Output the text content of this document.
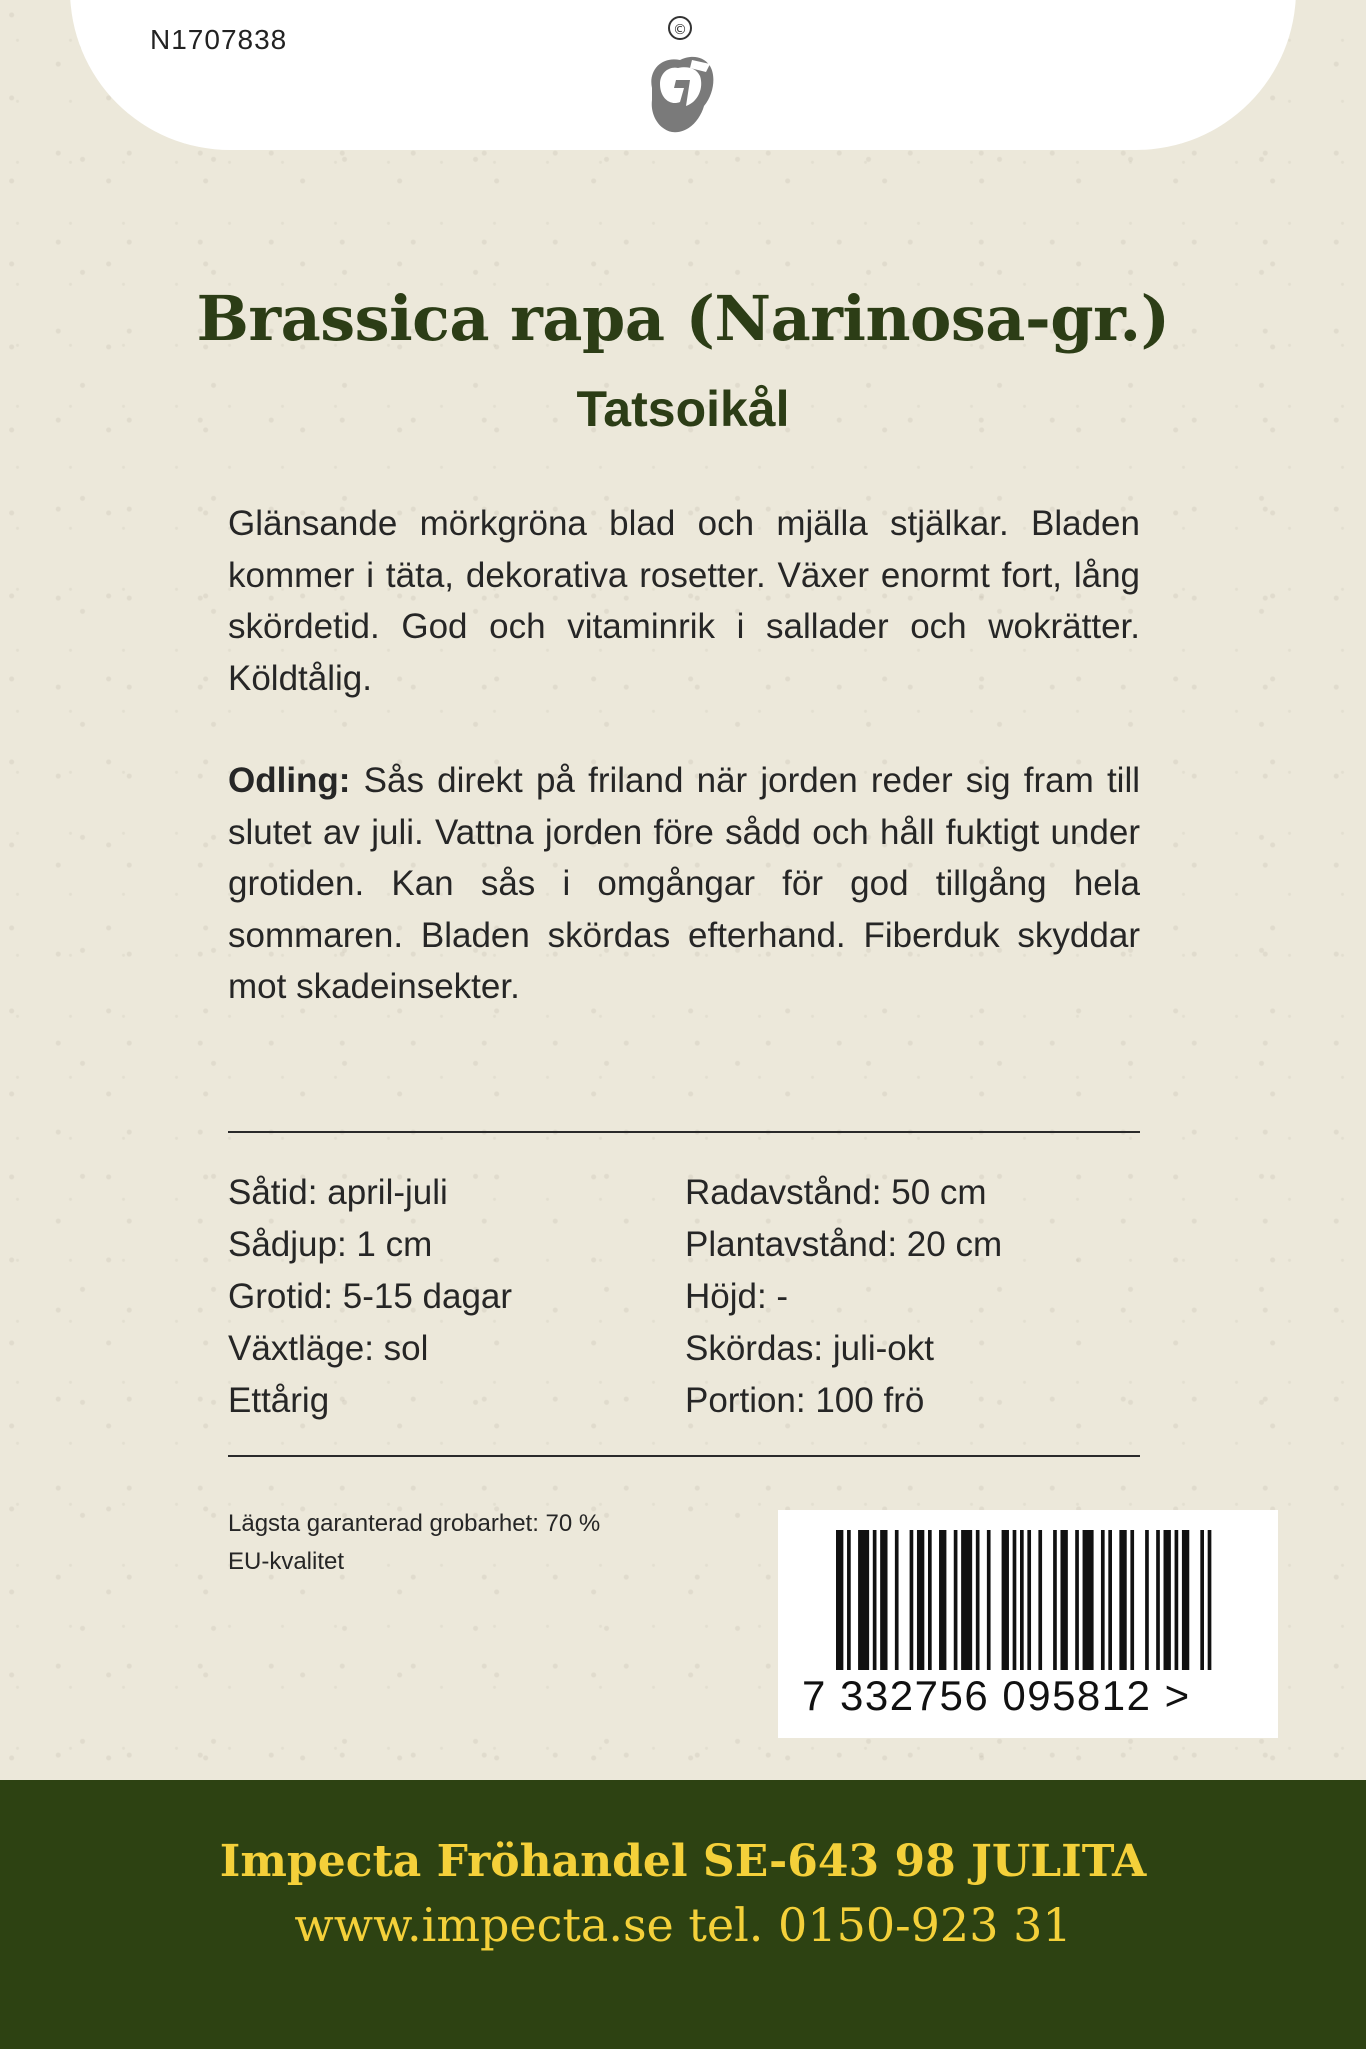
N1707838	©
Brassica rapa (Narinosa-gr.)
Tatsoikål
Glänsande mörkgröna blad och mjälla stjälkar. Bladen kommer i täta, dekorativa rosetter. Växer enormt fort, lång skördetid. God och vitaminrik i sallader och wokrätter. Köldtålig.
Odling: Sås direkt på friland när jorden reder sig fram till slutet av juli. Vattna jorden före sådd och håll fuktigt under grotiden. Kan sås i omgångar för god tillgång hela sommaren. Bladen skördas efterhand. Fiberduk skyddar mot skadeinsekter.
Såtid: april-juli
Sådjup: 1 cm
Grotid: 5-15 dagar
Växtläge: sol
Ettårig
Radavstånd: 50 cm
Plantavstånd: 20 cm
Höjd: -
Skördas: juli-okt
Portion: 100 frö
Lägsta garanterad grobarhet: 70 %
EU-kvalitet
7 332756 095812 >
Impecta Fröhandel SE-643 98 JULITA
www.impecta.se tel. 0150-923 31
